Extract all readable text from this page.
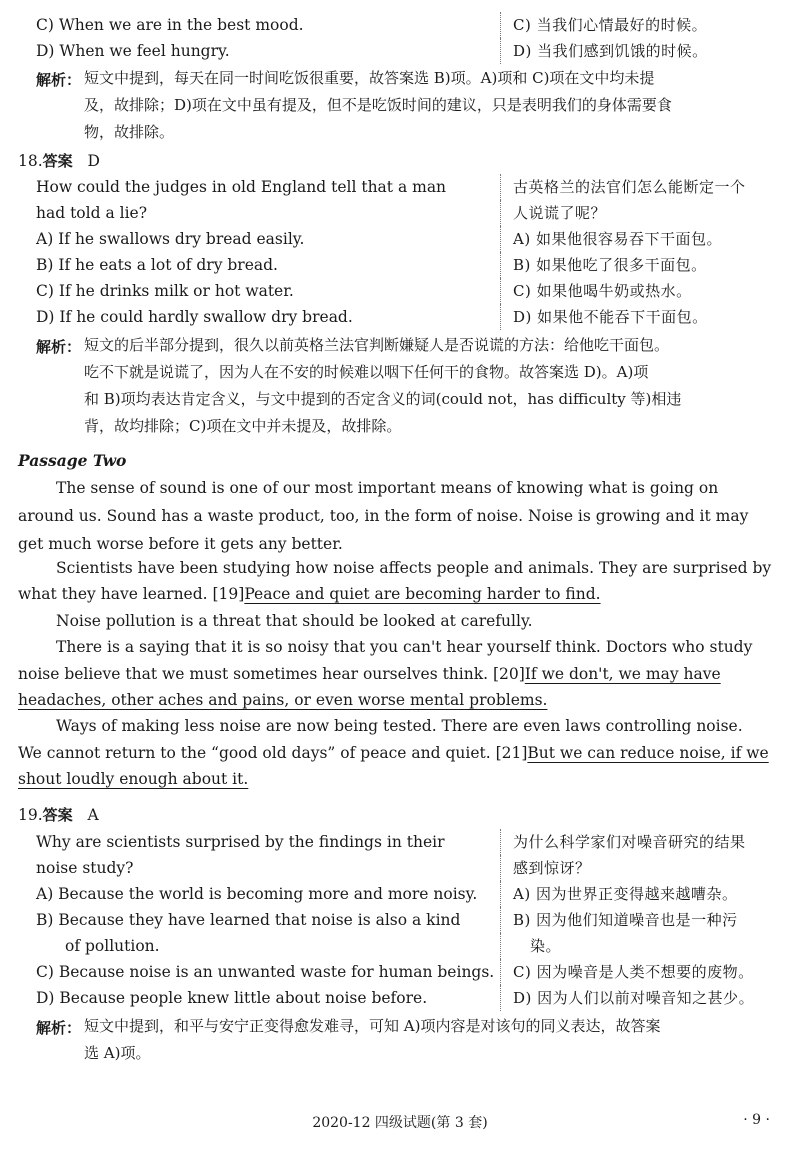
C) When we are in the best mood.	C) 当我们心情最好的时候。
D) When we feel hungry.	D) 当我们感到饥饿的时候。
解析： 短文中提到，每天在同一时间吃饭很重要，故答案选 B)项。A)项和 C)项在文中均未提
及，故排除；D)项在文中虽有提及，但不是吃饭时间的建议，只是表明我们的身体需要食
物，故排除。
18.答案 D
How could the judges in old England tell that a man	古英格兰的法官们怎么能断定一个
had told a lie?	人说谎了呢？
A) If he swallows dry bread easily.	A) 如果他很容易吞下干面包。
B) If he eats a lot of dry bread.	B) 如果他吃了很多干面包。
C) If he drinks milk or hot water.	C) 如果他喝牛奶或热水。
D) If he could hardly swallow dry bread.	D) 如果他不能吞下干面包。
解析： 短文的后半部分提到，很久以前英格兰法官判断嫌疑人是否说谎的方法：给他吃干面包。
吃不下就是说谎了，因为人在不安的时候难以咽下任何干的食物。故答案选 D)。A)项
和 B)项均表达肯定含义，与文中提到的否定含义的词(could not，has difficulty 等)相违
背，故均排除；C)项在文中并未提及，故排除。
Passage Two
The sense of sound is one of our most important means of knowing what is going on
around us. Sound has a waste product, too, in the form of noise. Noise is growing and it may
get much worse before it gets any better.
Scientists have been studying how noise affects people and animals. They are surprised by
what they have learned. [19]Peace and quiet are becoming harder to find.
Noise pollution is a threat that should be looked at carefully.
There is a saying that it is so noisy that you can't hear yourself think. Doctors who study
noise believe that we must sometimes hear ourselves think. [20]If we don't, we may have
headaches, other aches and pains, or even worse mental problems.
Ways of making less noise are now being tested. There are even laws controlling noise.
We cannot return to the “good old days” of peace and quiet. [21]But we can reduce noise, if we
shout loudly enough about it.
19.答案 A
Why are scientists surprised by the findings in their	为什么科学家们对噪音研究的结果
noise study?	感到惊讶？
A) Because the world is becoming more and more noisy.	A) 因为世界正变得越来越嘈杂。
B) Because they have learned that noise is also a kind	B) 因为他们知道噪音也是一种污
of pollution.	染。
C) Because noise is an unwanted waste for human beings.	C) 因为噪音是人类不想要的废物。
D) Because people knew little about noise before.	D) 因为人们以前对噪音知之甚少。
解析： 短文中提到，和平与安宁正变得愈发难寻，可知 A)项内容是对该句的同义表达，故答案
选 A)项。
2020-12 四级试题(第 3 套)	· 9 ·
